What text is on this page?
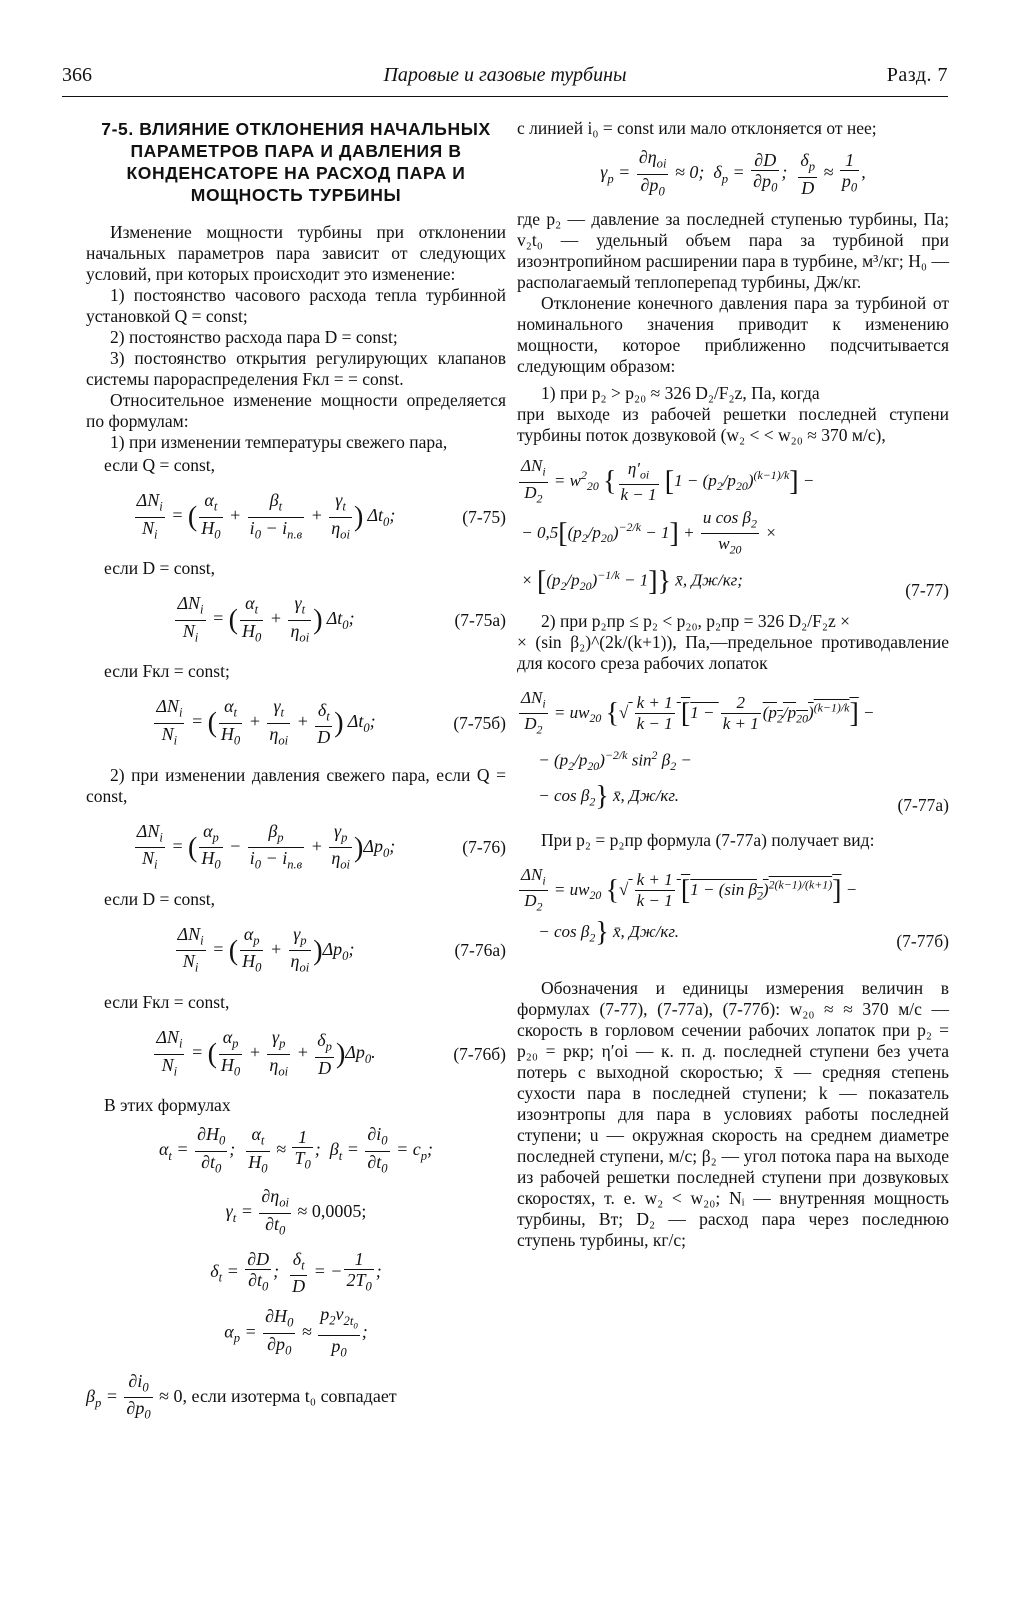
366	Паровые и газовые турбины	Разд. 7
7-5. ВЛИЯНИЕ ОТКЛОНЕНИЯ НАЧАЛЬНЫХ ПАРАМЕТРОВ ПАРА И ДАВЛЕНИЯ В КОНДЕНСАТОРЕ НА РАСХОД ПАРА И МОЩНОСТЬ ТУРБИНЫ

Изменение мощности турбины при отклонении начальных параметров пара зависит от следующих условий, при которых происходит это изменение:

1) постоянство часового расхода тепла турбинной установкой Q = const;

2) постоянство расхода пара D = const;

3) постоянство открытия регулирующих клапанов системы парораспределения Fкл = = const.

Относительное изменение мощности определяется по формулам:

1) при изменении температуры свежего пара,

если Q = const,

$\frac{\Delta N_i}{N_i}$ = ( $\frac{\alpha_t}{H_0} + \frac{\beta_t}{i_0 - i_{п.в}} + \frac{\gamma_t}{\eta_{oi}}$ ) $\Delta t_0$;	(7-75)

если D = const,

$\frac{\Delta N_i}{N_i}$ = ( $\frac{\alpha_t}{H_0} + \frac{\gamma_t}{\eta_{oi}}$ ) $\Delta t_0$;	(7-75а)

если Fкл = const;

$\frac{\Delta N_i}{N_i}$ = ( $\frac{\alpha_t}{H_0} + \frac{\gamma_t}{\eta_{oi}} + \frac{\delta_t}{D}$ ) $\Delta t_0$;	(7-75б)

2) при изменении давления свежего пара, если Q = const,

$\frac{\Delta N_i}{N_i}$ = ( $\frac{\alpha_p}{H_0} - \frac{\beta_p}{i_0 - i_{п.в}} + \frac{\gamma_p}{\eta_{oi}} )\Delta p_0$;	(7-76)

если D = const,

$\frac{\Delta N_i}{N_i}$ = ( $\frac{\alpha_p}{H_0} + \frac{\gamma_p}{\eta_{oi}} )\Delta p_0$;	(7-76а)

если Fкл = const,

$\frac{\Delta N_i}{N_i}$ = ( $\frac{\alpha_p}{H_0} + \frac{\gamma_p}{\eta_{oi}} + \frac{\delta_p}{D} )\Delta p_0$.	(7-76б)

В этих формулах

$\alpha_t = \frac{\partial H_0}{\partial t_0}$ ; $\frac{\alpha_t}{H_0} \approx \frac{1}{T_0}$ ;  $\beta_t = \frac{\partial i_0}{\partial t_0} = c_p$;
$\gamma_t = \frac{\partial\eta_{oi}}{\partial t_0} \approx 0,0005$;
$\delta_t = \frac{\partial D}{\partial t_0}$ ; $\frac{\delta_t}{D}$ = − $\frac{1}{2T_0}$ ;
$\alpha_p = \frac{\partial H_0}{\partial p_0} \approx \frac{p_2v_{2t_0}}{p_0}$ ;
$\beta_p = \frac{\partial i_0}{\partial p_0} \approx 0$, если изотерма t₀ совпадает

с линией i₀ = const или мало отклоняется от нее;

$\gamma_p = \frac{\partial\eta_{oi}}{\partial p_0} \approx 0$;  $\delta_p = \frac{\partial D}{\partial p_0}$ ; $\frac{\delta_p}{D} \approx \frac{1}{p_0}$ ,

где p₂ — давление за последней ступенью турбины, Па; v₂t₀ — удельный объем пара за турбиной при изоэнтропийном расширении пара в турбине, м³/кг; H₀ — располагаемый теплоперепад турбины, Дж/кг.

Отклонение конечного давления пара за турбиной от номинального значения приводит к изменению мощности, которое приближенно подсчитывается следующим образом:

1) при p₂ > p₂₀ ≈ 326 D₂/F₂z, Па, когда

при выходе из рабочей решетки последней ступени турбины поток дозвуковой (w₂ < < w₂₀ ≈ 370 м/с),

$\frac{\Delta N_i}{D_2} = w^2_{20}$ { $\frac{\eta'_{oi}}{k - 1} [1 - (p_2/p_{20})^{(k-1)/k}]$ −
− $0,5[(p_2/p_{20})^{-2/k} - 1] + \frac{u \cos \beta_2}{w_{20}}$ ×
× $[(p_2/p_{20})^{-1/k} - 1]$} x̄, Дж/кг;	(7-77)

2) при p₂пр ≤ p₂ < p₂₀, p₂пр = 326 D₂/F₂z ×

× (sin β₂)^(2k/(k+1)), Па,—предельное противодавление для косого среза рабочих лопаток

$\frac{\Delta N_i}{D_2} = uw_{20}$ {√ $\frac{k + 1}{k - 1} [1 - \frac{2}{k + 1} (p_2/p_{20})^{(k-1)/k}]$ −
− $(p_2/p_{20})^{-2/k}$ $\sin^2 \beta_2$ −
− $\cos \beta_2$} x̄, Дж/кг.	(7-77а)

При p₂ = p₂пр формула (7-77а) получает вид:

$\frac{\Delta N_i}{D_2} = uw_{20}$ {√ $\frac{k + 1}{k - 1} [1 - (\sin$ $\beta_2)^{2(k-1)/(k+1)}$] −
− $\cos \beta_2$} x̄, Дж/кг.	(7-77б)

Обозначения и единицы измерения величин в формулах (7-77), (7-77а), (7-77б): w₂₀ ≈ ≈ 370 м/с — скорость в горловом сечении рабочих лопаток при p₂ = p₂₀ = pкр; η′oi — к. п. д. последней ступени без учета потерь с выходной скоростью; x̄ — средняя степень сухости пара в последней ступени; k — показатель изоэнтропы для пара в условиях работы последней ступени; u — окружная скорость на среднем диаметре последней ступени, м/с; β₂ — угол потока пара на выходе из рабочей решетки последней ступени при дозвуковых скоростях, т. е. w₂ < w₂₀; Nᵢ — внутренняя мощность турбины, Вт; D₂ — расход пара через последнюю ступень турбины, кг/с;
